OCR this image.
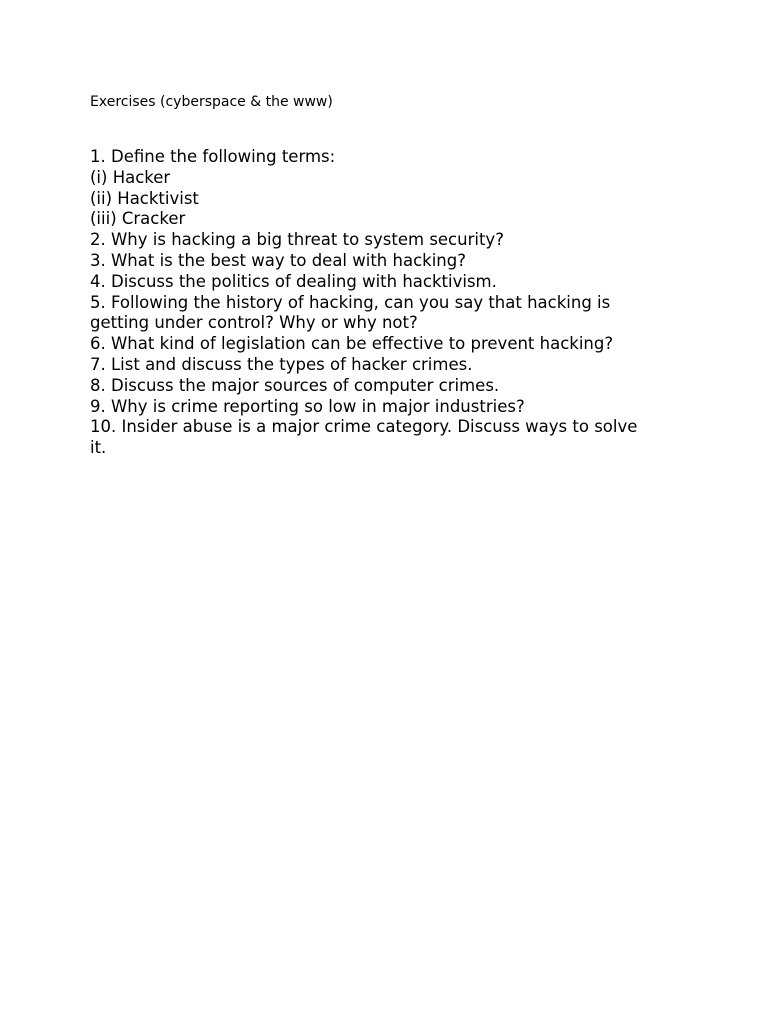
Exercises (cyberspace & the www)
1. Define the following terms:
(i) Hacker
(ii) Hacktivist
(iii) Cracker
2. Why is hacking a big threat to system security?
3. What is the best way to deal with hacking?
4. Discuss the politics of dealing with hacktivism.
5. Following the history of hacking, can you say that hacking is
getting under control? Why or why not?
6. What kind of legislation can be effective to prevent hacking?
7. List and discuss the types of hacker crimes.
8. Discuss the major sources of computer crimes.
9. Why is crime reporting so low in major industries?
10. Insider abuse is a major crime category. Discuss ways to solve
it.
